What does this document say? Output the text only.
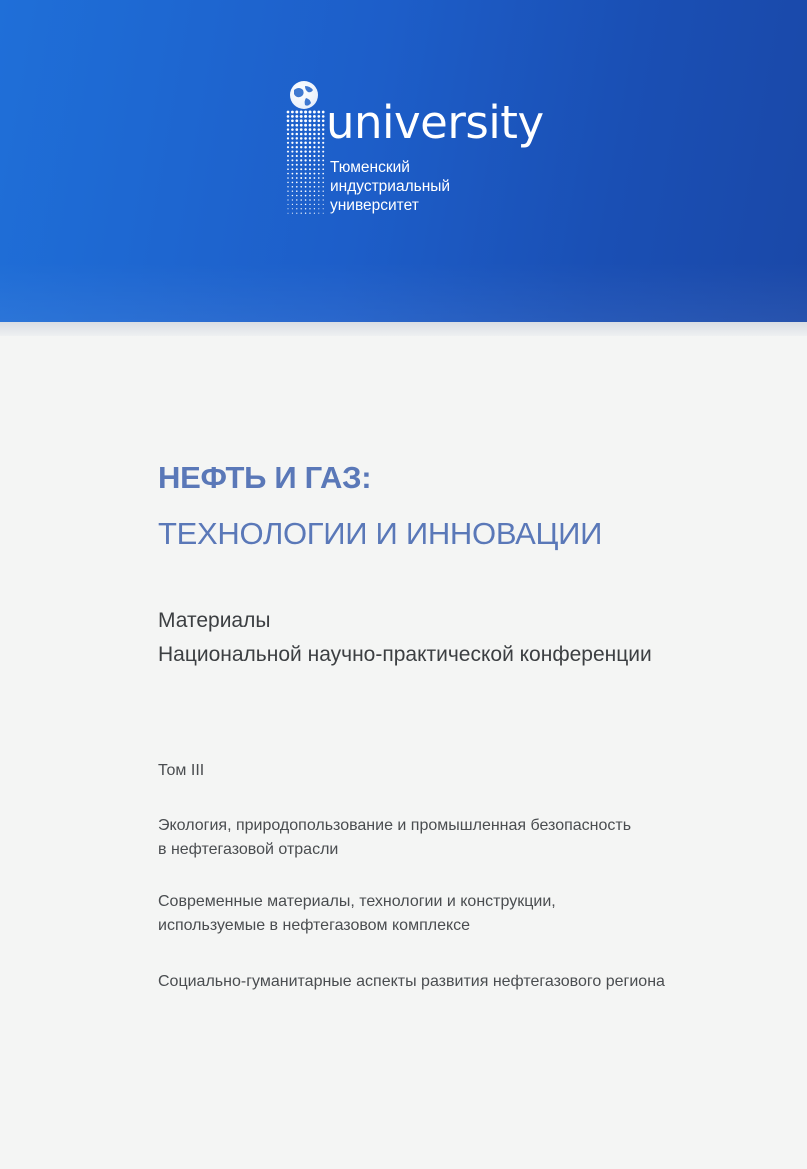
university
Тюменский
индустриальный
университет
НЕФТЬ И ГАЗ:
ТЕХНОЛОГИИ И ИННОВАЦИИ
Материалы
Национальной научно-практической конференции
Том III
Экология, природопользование и промышленная безопасность
в нефтегазовой отрасли
Современные материалы, технологии и конструкции,
используемые в нефтегазовом комплексе
Социально-гуманитарные аспекты развития нефтегазового региона
